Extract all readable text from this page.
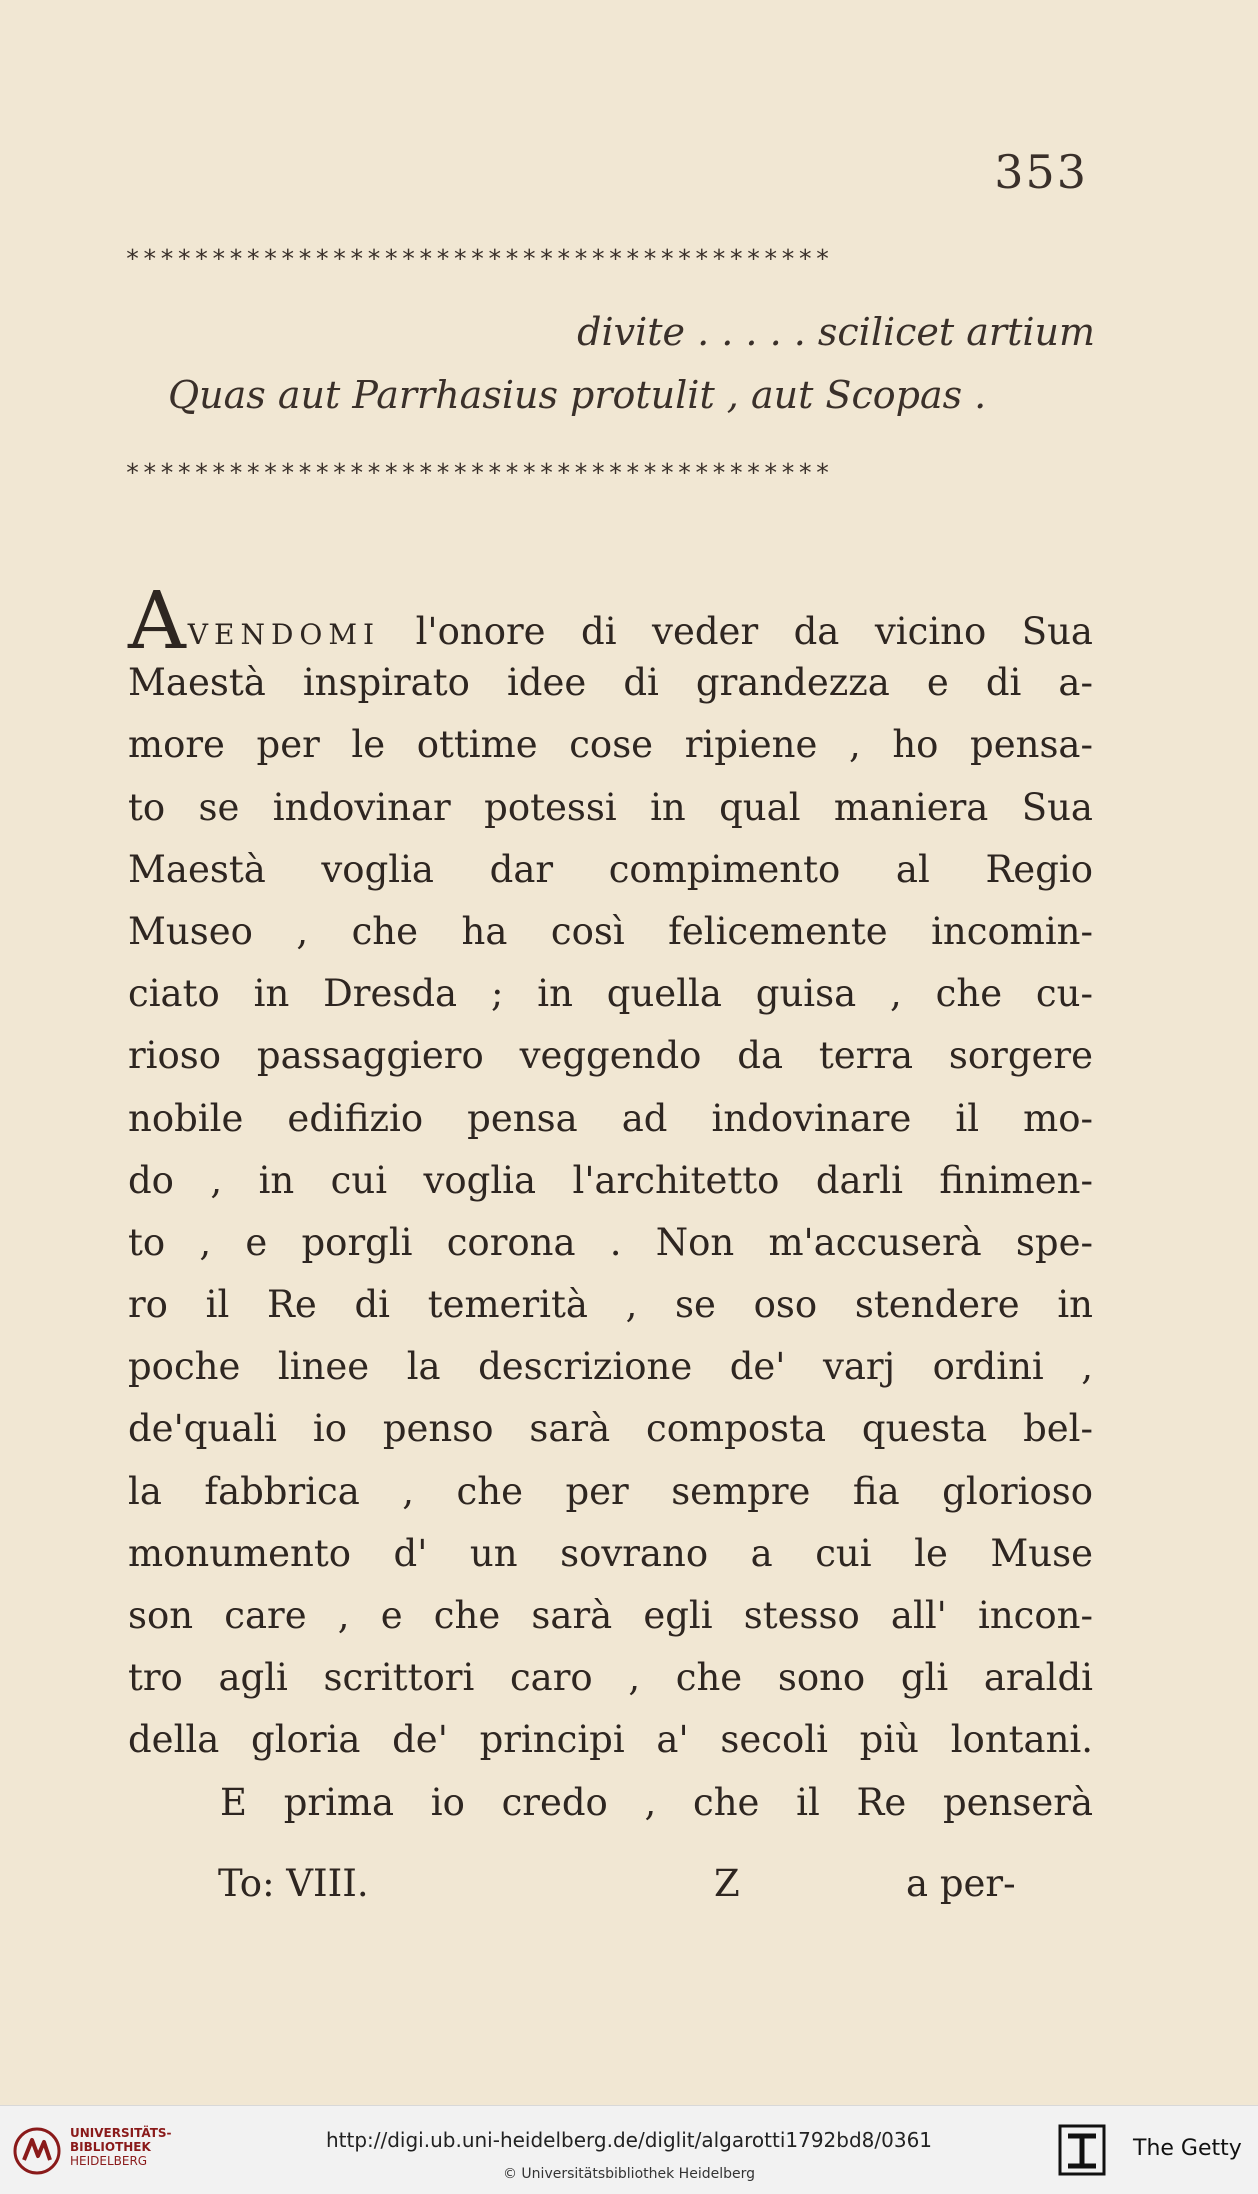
353
*****************************************
divite . . . . . scilicet artium
Quas aut Parrhasius protulit , aut Scopas .
*****************************************
AVENDOMI l'onore di veder da vicino Sua
Maestà inspirato idee di grandezza e di a-
more per le ottime cose ripiene , ho pensa-
to se indovinar potessi in qual maniera Sua
Maestà voglia dar compimento al Regio
Museo , che ha così felicemente incomin-
ciato in Dresda ; in quella guisa , che cu-
rioso passaggiero veggendo da terra sorgere
nobile edifizio pensa ad indovinare il mo-
do , in cui voglia l'architetto darli finimen-
to , e porgli corona . Non m'accuserà spe-
ro il Re di temerità , se oso stendere in
poche linee la descrizione de' varj ordini ,
de'quali io penso sarà composta questa bel-
la fabbrica , che per sempre fia glorioso
monumento d' un sovrano a cui le Muse
son care , e che sarà egli stesso all' incon-
tro agli scrittori caro , che sono gli araldi
della gloria de' principi a' secoli più lontani.
E prima io credo , che il Re penserà
To: VIII.	Z	a per-
UNIVERSITÄTS-
BIBLIOTHEK
HEIDELBERG
http://digi.ub.uni-heidelberg.de/diglit/algarotti1792bd8/0361
© Universitätsbibliothek Heidelberg
The Getty
